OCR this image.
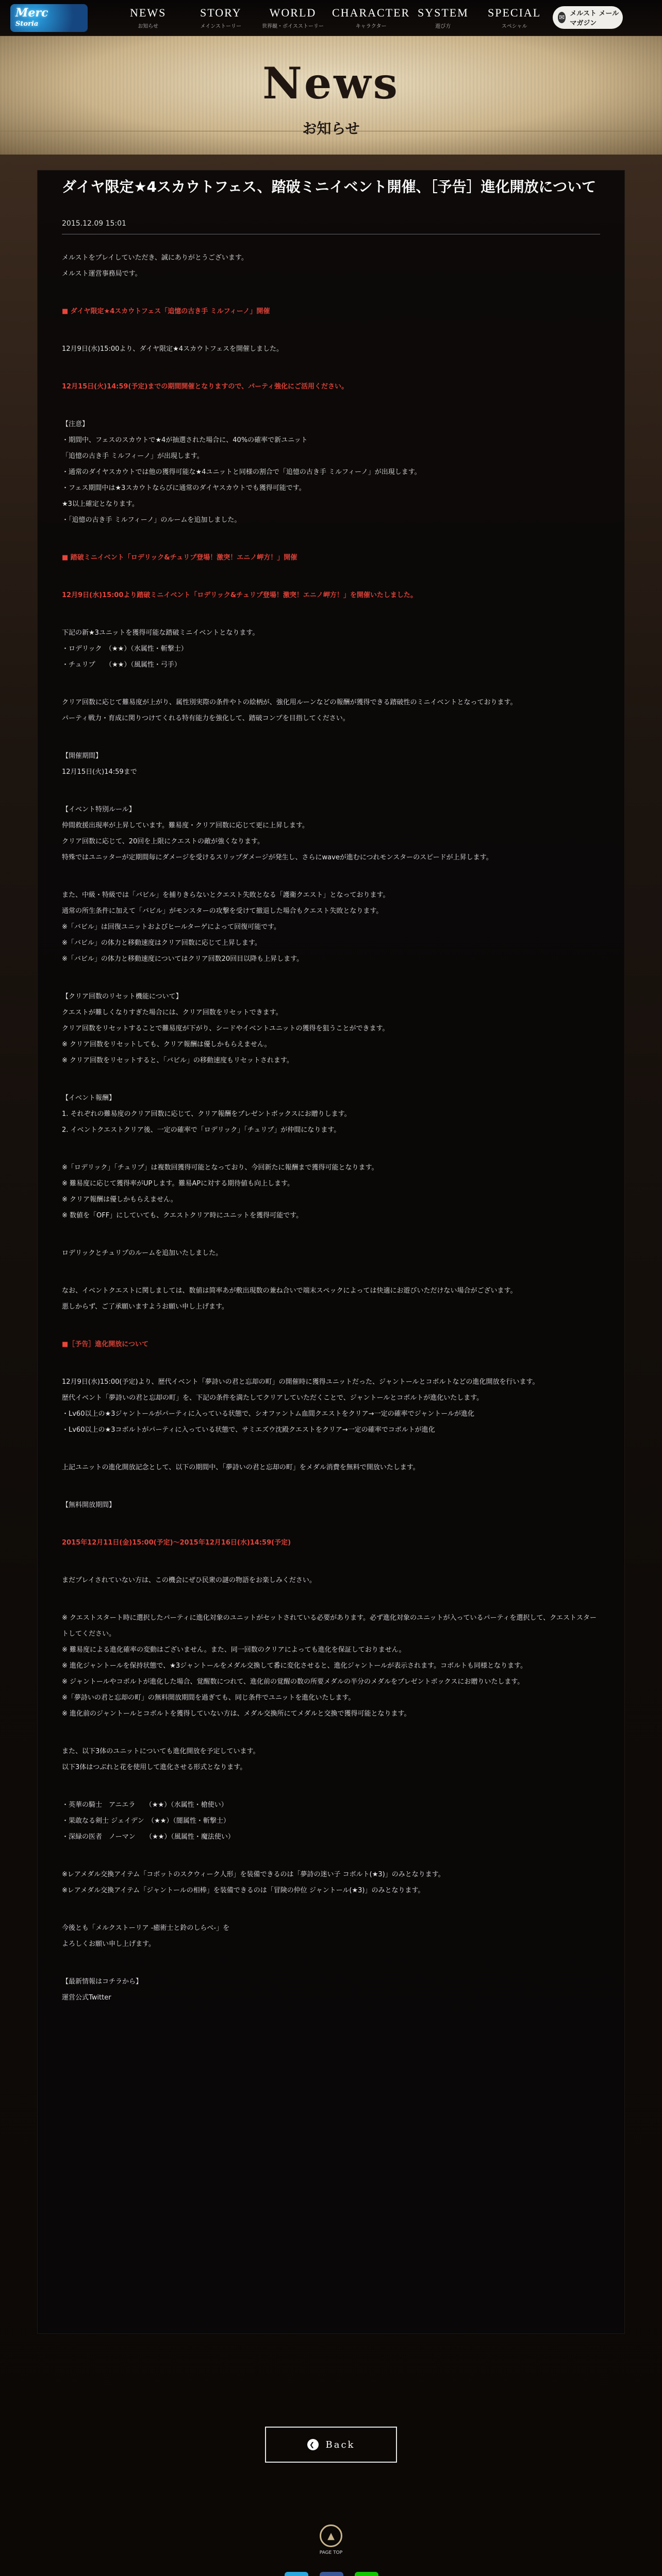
Merc
Storia
NEWS
お知らせ
STORY
メインストーリー
WORLD
世界観・ボイスストーリー
CHARACTER
キャラクター
SYSTEM
遊び方
SPECIAL
スペシャル
✉ メルスト メールマガジン
News
お知らせ
ダイヤ限定★4スカウトフェス、踏破ミニイベント開催、［予告］進化開放について
2015.12.09 15:01

メルストをプレイしていただき、誠にありがとうございます。

メルスト運営事務局です。

■ ダイヤ限定★4スカウトフェス「追憶の古き手 ミルフィーノ」開催

12月9日(水)15:00より、ダイヤ限定★4スカウトフェスを開催しました。

12月15日(火)14:59(予定)までの期間開催となりますので、パーティ強化にご活用ください。

【注意】

・期間中、フェスのスカウトで★4が抽選された場合に、40%の確率で新ユニット

「追憶の古き手 ミルフィーノ」が出現します。

・通常のダイヤスカウトでは他の獲得可能な★4ユニットと同様の割合で「追憶の古き手 ミルフィーノ」が出現します。

・フェス期間中は★3スカウトならびに通常のダイヤスカウトでも獲得可能です。

★3以上確定となります。

・「追憶の古き手 ミルフィーノ」のルームを追加しました。

■ 踏破ミニイベント「ロデリック&チュリプ登場！激突！エニノ岬方！」開催

12月9日(水)15:00より踏破ミニイベント「ロデリック&チュリプ登場！激突！エニノ岬方！」を開催いたしました。

下記の新★3ユニットを獲得可能な踏破ミニイベントとなります。

・ロデリック　（★★）（水属性・斬撃士）

・チュリプ　　（★★）（風属性・弓手）

クリア回数に応じて難易度が上がり、属性別実際の条件やトの絵柄が、強化用ルーンなどの報酬が獲得できる踏破性のミニイベントとなっております。

パーティ戦力・育成に関りつけてくれる特有能力を強化して、踏破コンプを目指してください。

【開催期間】

12月15日(火)14:59まで

【イベント特別ルール】

仲間救援出現率が上昇しています。難易度・クリア回数に応じて更に上昇します。

クリア回数に応じて、20回を上限にクエストの敵が強くなります。

特殊ではユニッターが定期間毎にダメージを受けるスリップダメージが発生し、さらにwaveが進むにつれモンスターのスピードが上昇します。

また、中級・特級では「バビル」を捕りきらないとクエスト失敗となる「護衛クエスト」となっております。

通常の所生条件に加えて「バビル」がモンスターの攻撃を受けて撤退した場合もクエスト失敗となります。

※「バビル」は回復ユニットおよびヒールターゲによって回復可能です。

※「バビル」の体力と移動速度はクリア回数に応じて上昇します。

※「バビル」の体力と移動速度についてはクリア回数20回目以降も上昇します。

【クリア回数のリセット機能について】

クエストが難しくなりすぎた場合には、クリア回数をリセットできます。

クリア回数をリセットすることで難易度が下がり、シードやイベントユニットの獲得を狙うことができます。

※ クリア回数をリセットしても、クリア報酬は優しかもらえません。

※ クリア回数をリセットすると、「バビル」の移動速度もリセットされます。

【イベント報酬】

1. それぞれの難易度のクリア回数に応じて、クリア報酬をプレゼントボックスにお贈りします。

2. イベントクエストクリア後、一定の確率で「ロデリック」「チュリプ」が仲間になります。

※「ロデリック」「チュリプ」は複数回獲得可能となっており、今回新たに報酬まで獲得可能となります。

※ 難易度に応じて獲得率がUPします。難易APに対する期待値も向上します。

※ クリア報酬は優しかもらえません。

※ 数値を「OFF」にしていても、クエストクリア時にユニットを獲得可能です。

ロデリックとチュリプのルームを追加いたしました。

なお、イベントクエストに関しましては、数値は简率あが敷出現数の兼ね合いで端末スペックによっては快適にお遊びいただけない場合がございます。

悪しからず、ご了承願いますようお願い申し上げます。

■［予告］進化開放について

12月9日(水)15:00(予定)より、歴代イベント「夢詩いの君と忘却の町」の開催時に獲得ユニットだった、ジャントールとコボルトなどの進化開放を行います。

歴代イベント「夢詩いの君と忘却の町」を、下記の条件を満たしてクリアしていただくことで、ジャントールとコボルトが進化いたします。

・Lv60以上の★3ジャントールがパーティに入っている状態で、シオファントム血間クエストをクリア→一定の確率でジャントールが進化

・Lv60以上の★3コボルトがパーティに入っている状態で、サミエズウ沈殿クエストをクリア→一定の確率でコボルトが進化

上記ユニットの進化開放記念として、以下の期間中、「夢詩いの君と忘却の町」をメダル消費を無料で開放いたします。

【無料開放期間】

2015年12月11日(金)15:00(予定)～2015年12月16日(水)14:59(予定)

まだプレイされていない方は、この機会にぜひ民衆の謎の物語をお楽しみください。

※ クエストスタート時に選択したパーティに進化対象のユニットがセットされている必要があります。必ず進化対象のユニットが入っているパーティを選択して、クエストスタートしてください。

※ 難易度による進化確率の変動はございません。また、同一回数のクリアによっても進化を保証しておりません。

※ 進化ジャントールを保持状態で、★3ジャントールをメダル交換して番に変化させると、進化ジャントールが表示されます。コボルトも同様となります。

※ ジャントールやコボルトが進化した場合、覚醒数につれて、進化前の覚醒の数の所要メダルの半分のメダルをプレゼントボックスにお贈りいたします。

※「夢詩いの君と忘却の町」の無料開放期間を過ぎても、同じ条件でユニットを進化いたします。

※ 進化前のジャントールとコボルトを獲得していない方は、メダル交換所にてメダルと交換で獲得可能となります。

また、以下3体のユニットについても進化開放を予定しています。

以下3体はつぶれと花を使用して進化させる形式となります。

・英華の騎士　アニエラ　　（★★）（水属性・槍使い）

・果敢なる剣士 ジェイデン　（★★）（闇属性・斬撃士）

・深緑の医者　ノーマン　　（★★）（風属性・魔法使い）

※レアメダル交換アイテム「コボットのスクウィーク人形」を装備できるのは「夢詩の迷い子 コボルト(★3)」のみとなります。

※レアメダル交換アイテム「ジャントールの相棒」を装備できるのは「冒険の仲位 ジャントール(★3)」のみとなります。

今後とも「メルクストーリア -癒術士と鈴のしらべ-」を

よろしくお願い申し上げます。

【最新情報はコチラから】

運営公式Twitter

❮ Back
▲
PAGE TOP
